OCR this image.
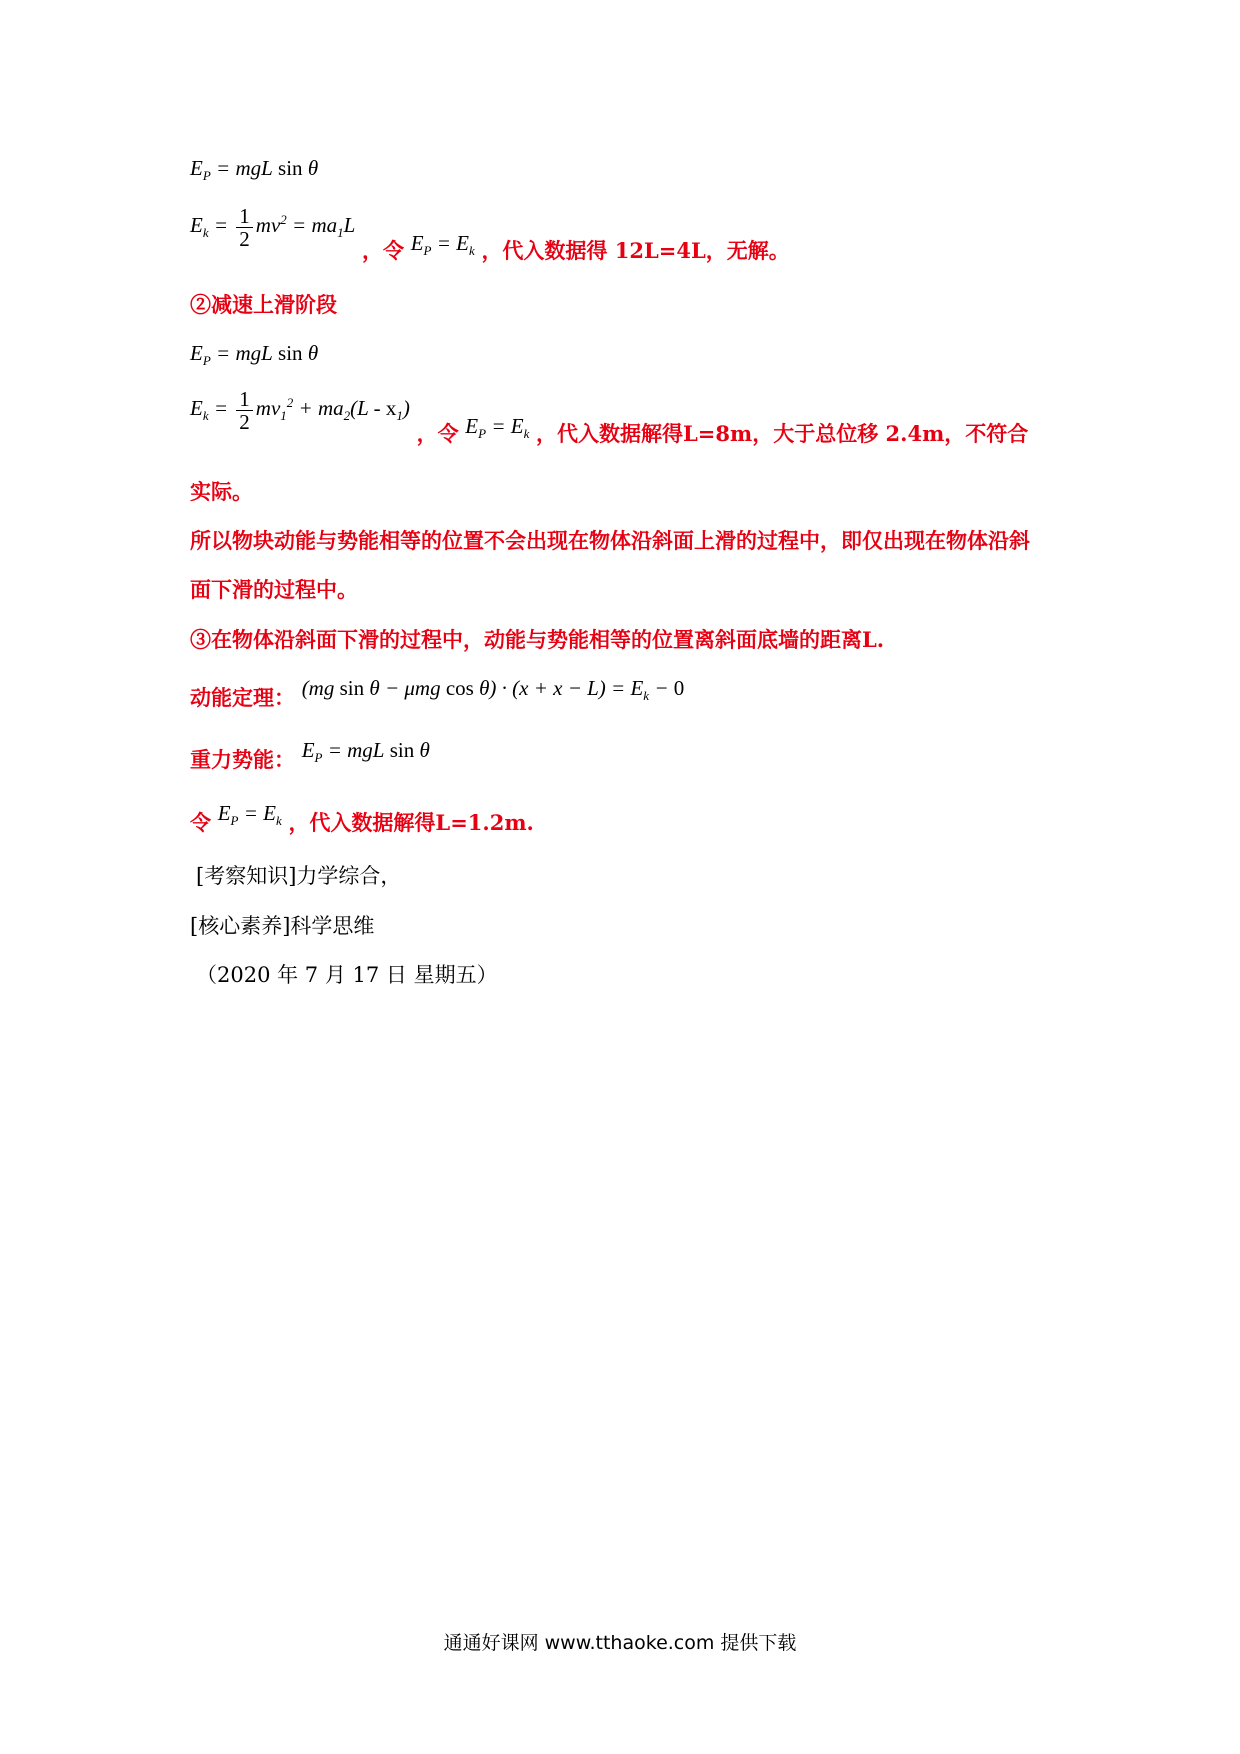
$E_P$ = mgL sin θ
$E_k = \frac{1}{2} mv^2 = ma_1L$ ，令 $E_P = E_k$ ，代入数据得 12L=4L，无解。
②减速上滑阶段
$E_P$ = mgL sin θ
$E_k = \frac{1}{2} mv_1^2 + ma_2(L - x_1)$ ，令 $E_P = E_k$ ，代入数据解得L=8m，大于总位移 2.4m，不符合
实际。
所以物块动能与势能相等的位置不会出现在物体沿斜面上滑的过程中，即仅出现在物体沿斜
面下滑的过程中。
③在物体沿斜面下滑的过程中，动能与势能相等的位置离斜面底墙的距离L.
动能定理： (mg sin θ − μmg $\cos \theta) \cdot (x + x - L) = E_k - 0$
重力势能： $E_P$ = mgL sin θ
令 $E_P = E_k$ ，代入数据解得L=1.2m.
[考察知识]力学综合，
[核心素养]科学思维
（2020 年 7 月 17 日 星期五）
通通好课网 www.tthaoke.com 提供下载
